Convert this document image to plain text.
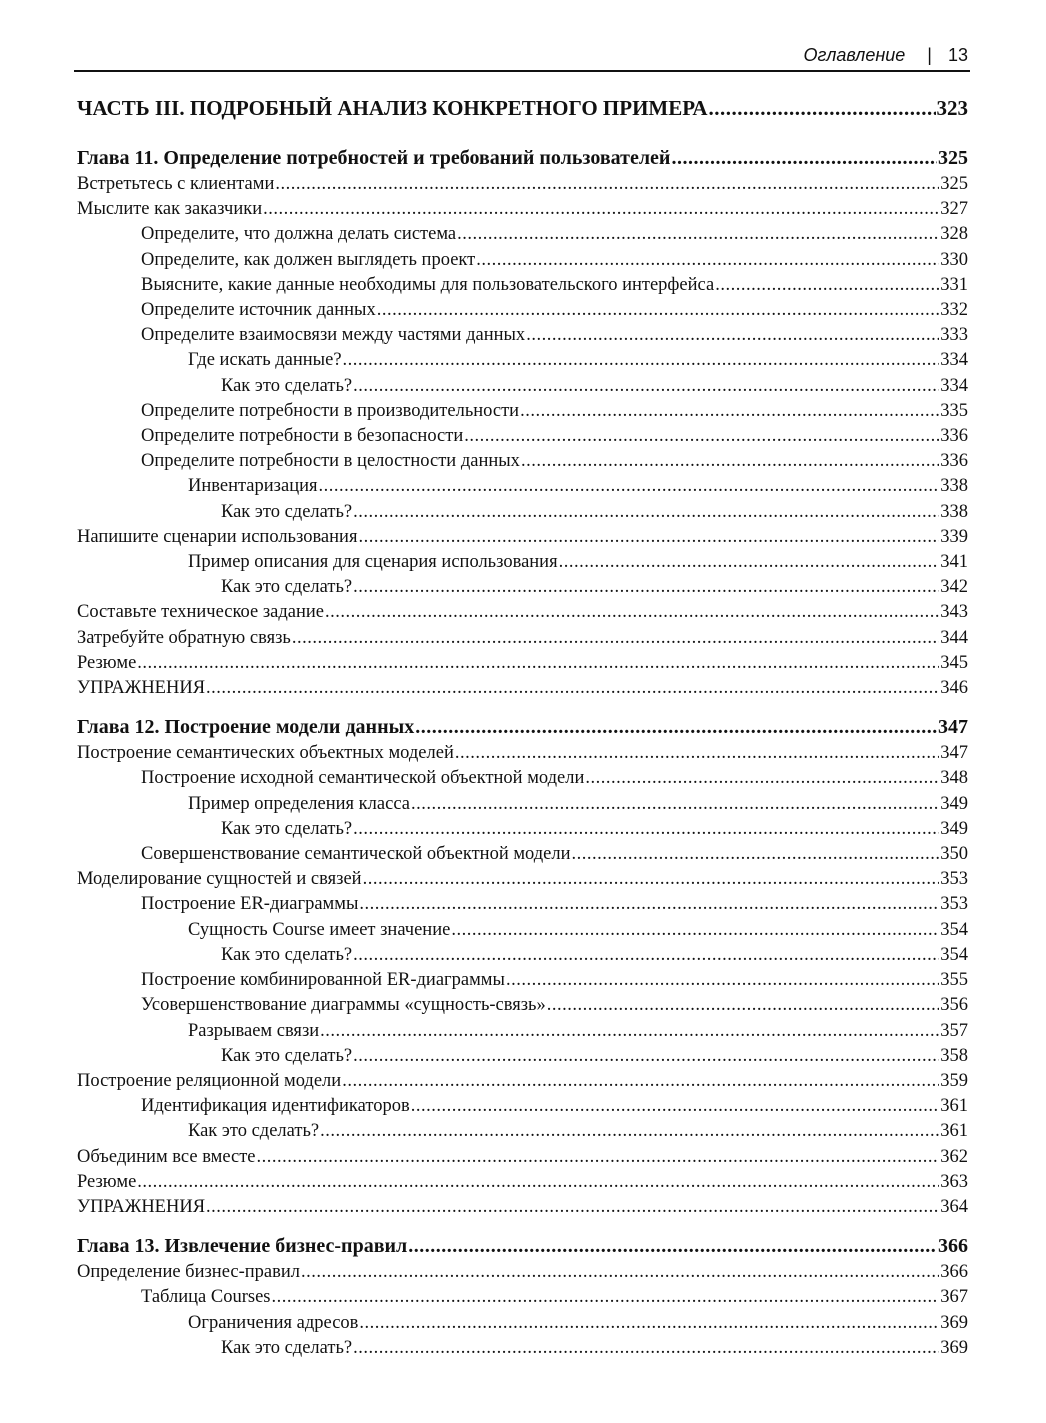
Оглавление | 13
ЧАСТЬ III. ПОДРОБНЫЙ АНАЛИЗ КОНКРЕТНОГО ПРИМЕРА .....	323
Глава 11. Определение потребностей и требований пользователей .....	325
Встретьтесь с клиентами .....	325
Мыслите как заказчики .....	327
Определите, что должна делать система .....	328
Определите, как должен выглядеть проект .....	330
Выясните, какие данные необходимы для пользовательского интерфейса .....	331
Определите источник данных .....	332
Определите взаимосвязи между частями данных .....	333
Где искать данные? .....	334
Как это сделать? .....	334
Определите потребности в производительности .....	335
Определите потребности в безопасности .....	336
Определите потребности в целостности данных .....	336
Инвентаризация .....	338
Как это сделать? .....	338
Напишите сценарии использования .....	339
Пример описания для сценария использования .....	341
Как это сделать? .....	342
Составьте техническое задание .....	343
Затребуйте обратную связь .....	344
Резюме .....	345
УПРАЖНЕНИЯ .....	346
Глава 12. Построение модели данных .....	347
Построение семантических объектных моделей .....	347
Построение исходной семантической объектной модели .....	348
Пример определения класса .....	349
Как это сделать? .....	349
Совершенствование семантической объектной модели .....	350
Моделирование сущностей и связей .....	353
Построение ER-диаграммы .....	353
Сущность Course имеет значение .....	354
Как это сделать? .....	354
Построение комбинированной ER-диаграммы .....	355
Усовершенствование диаграммы «сущность-связь» .....	356
Разрываем связи .....	357
Как это сделать? .....	358
Построение реляционной модели .....	359
Идентификация идентификаторов .....	361
Как это сделать? .....	361
Объединим все вместе .....	362
Резюме .....	363
УПРАЖНЕНИЯ .....	364
Глава 13. Извлечение бизнес-правил .....	366
Определение бизнес-правил .....	366
Таблица Courses .....	367
Ограничения адресов .....	369
Как это сделать? .....	369
